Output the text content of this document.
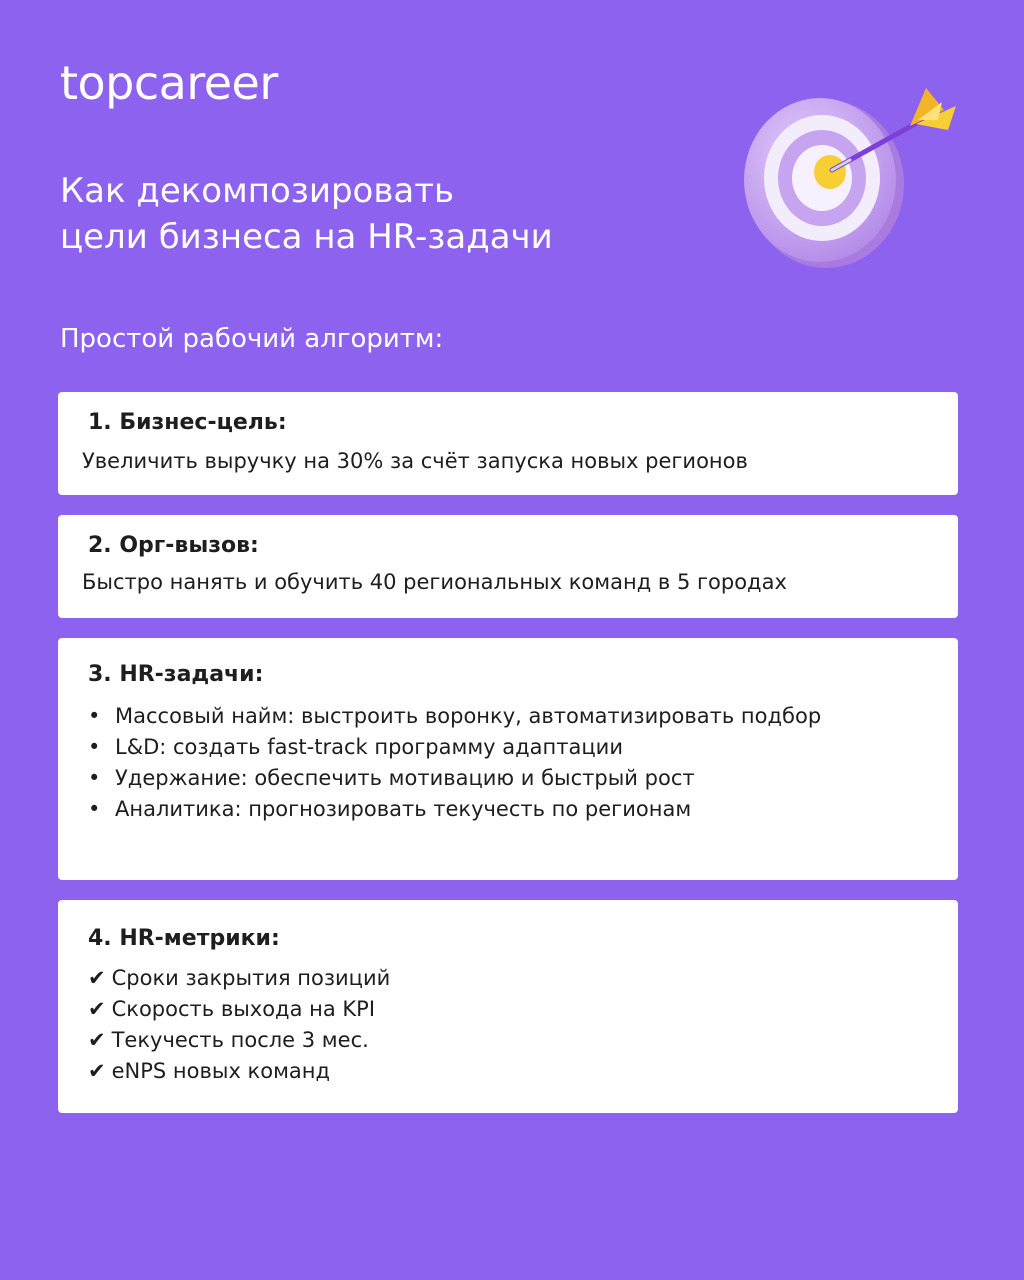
topcareer
Как декомпозировать
цели бизнеса на HR-задачи
Простой рабочий алгоритм:
1. Бизнес-цель:
Увеличить выручку на 30% за счёт запуска новых регионов
2. Орг-вызов:
Быстро нанять и обучить 40 региональных команд в 5 городах
3. HR-задачи:
• Массовый найм: выстроить воронку, автоматизировать подбор
• L&D: создать fast-track программу адаптации
• Удержание: обеспечить мотивацию и быстрый рост
• Аналитика: прогнозировать текучесть по регионам
4. HR-метрики:
✔ Сроки закрытия позиций
✔ Скорость выхода на KPI
✔ Текучесть после 3 мес.
✔ eNPS новых команд
